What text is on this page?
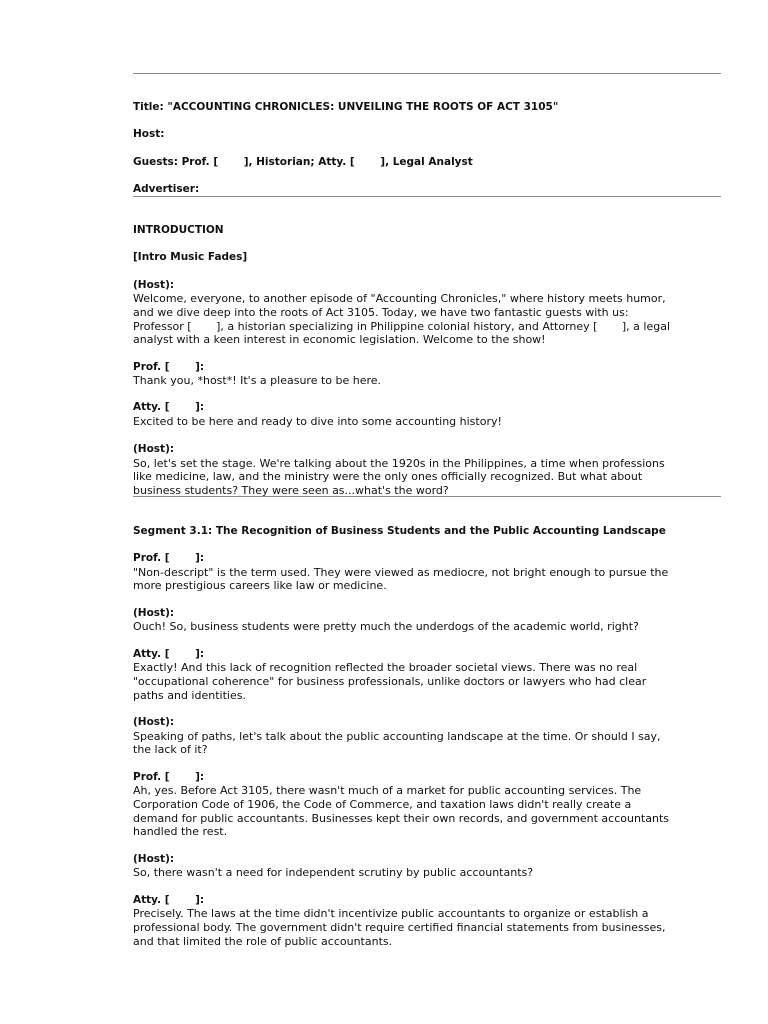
Title: "ACCOUNTING CHRONICLES: UNVEILING THE ROOTS OF ACT 3105"
Host:
Guests: Prof. [       ], Historian; Atty. [       ], Legal Analyst
Advertiser:
INTRODUCTION
[Intro Music Fades]
(Host):
Welcome, everyone, to another episode of "Accounting Chronicles," where history meets humor,
and we dive deep into the roots of Act 3105. Today, we have two fantastic guests with us:
Professor [       ], a historian specializing in Philippine colonial history, and Attorney [       ], a legal
analyst with a keen interest in economic legislation. Welcome to the show!
Prof. [       ]:
Thank you, *host*! It's a pleasure to be here.
Atty. [       ]:
Excited to be here and ready to dive into some accounting history!
(Host):
So, let's set the stage. We're talking about the 1920s in the Philippines, a time when professions
like medicine, law, and the ministry were the only ones officially recognized. But what about
business students? They were seen as...what's the word?
Segment 3.1: The Recognition of Business Students and the Public Accounting Landscape
Prof. [       ]:
"Non-descript" is the term used. They were viewed as mediocre, not bright enough to pursue the
more prestigious careers like law or medicine.
(Host):
Ouch! So, business students were pretty much the underdogs of the academic world, right?
Atty. [       ]:
Exactly! And this lack of recognition reflected the broader societal views. There was no real
"occupational coherence" for business professionals, unlike doctors or lawyers who had clear
paths and identities.
(Host):
Speaking of paths, let's talk about the public accounting landscape at the time. Or should I say,
the lack of it?
Prof. [       ]:
Ah, yes. Before Act 3105, there wasn't much of a market for public accounting services. The
Corporation Code of 1906, the Code of Commerce, and taxation laws didn't really create a
demand for public accountants. Businesses kept their own records, and government accountants
handled the rest.
(Host):
So, there wasn't a need for independent scrutiny by public accountants?
Atty. [       ]:
Precisely. The laws at the time didn't incentivize public accountants to organize or establish a
professional body. The government didn't require certified financial statements from businesses,
and that limited the role of public accountants.
